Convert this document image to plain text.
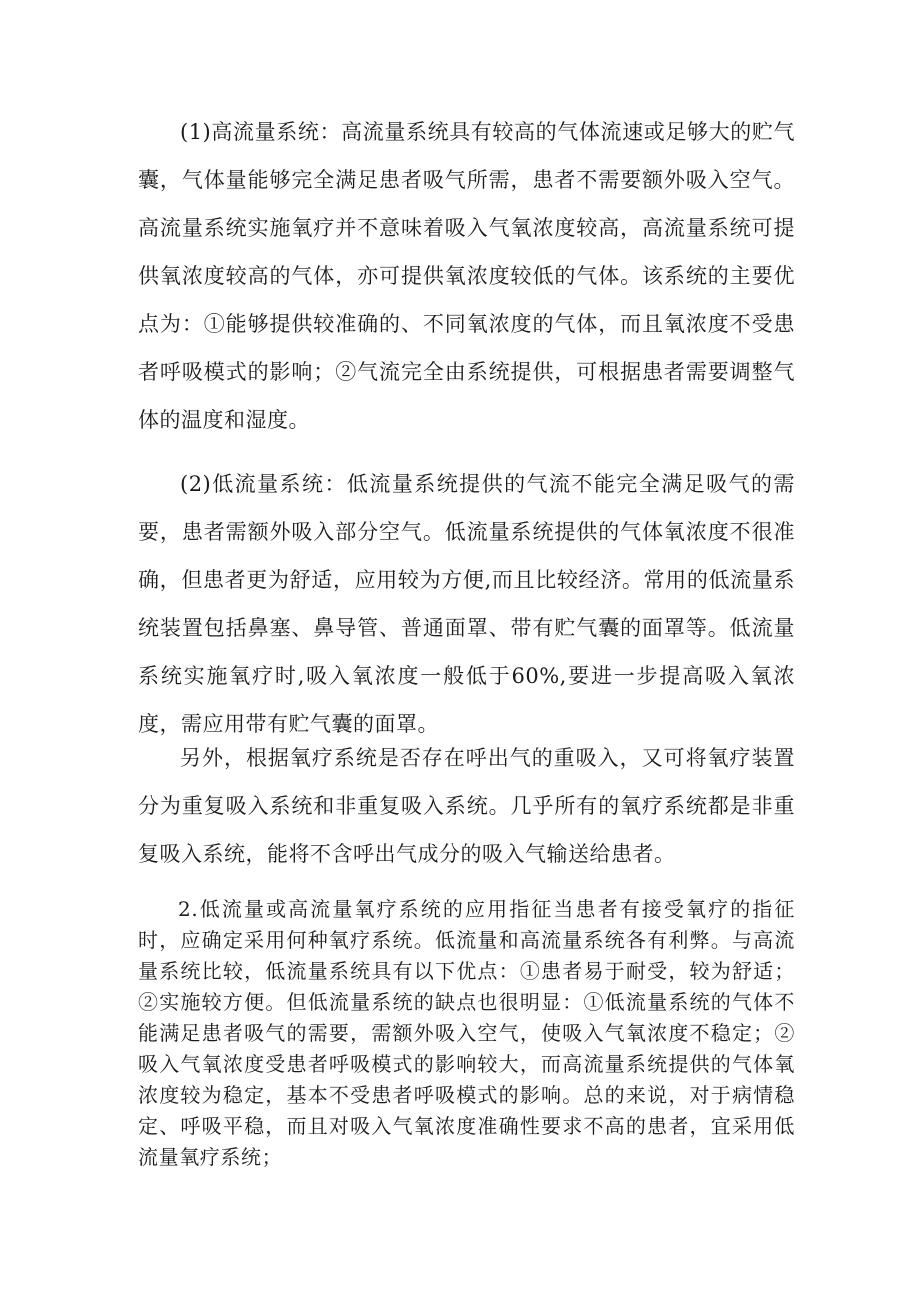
(1)高流量系统：高流量系统具有较高的气体流速或足够大的贮气囊，气体量能够完全满足患者吸气所需，患者不需要额外吸入空气。高流量系统实施氧疗并不意味着吸入气氧浓度较高，高流量系统可提供氧浓度较高的气体，亦可提供氧浓度较低的气体。该系统的主要优点为：①能够提供较准确的、不同氧浓度的气体，而且氧浓度不受患者呼吸模式的影响；②气流完全由系统提供，可根据患者需要调整气体的温度和湿度。

(2)低流量系统：低流量系统提供的气流不能完全满足吸气的需要，患者需额外吸入部分空气。低流量系统提供的气体氧浓度不很准确，但患者更为舒适，应用较为方便,而且比较经济。常用的低流量系统装置包括鼻塞、鼻导管、普通面罩、带有贮气囊的面罩等。低流量系统实施氧疗时,吸入氧浓度一般低于60%,要进一步提高吸入氧浓度，需应用带有贮气囊的面罩。

另外，根据氧疗系统是否存在呼出气的重吸入，又可将氧疗装置分为重复吸入系统和非重复吸入系统。几乎所有的氧疗系统都是非重复吸入系统，能将不含呼出气成分的吸入气输送给患者。

2.低流量或高流量氧疗系统的应用指征当患者有接受氧疗的指征时，应确定采用何种氧疗系统。低流量和高流量系统各有利弊。与高流量系统比较，低流量系统具有以下优点：①患者易于耐受，较为舒适；②实施较方便。但低流量系统的缺点也很明显：①低流量系统的气体不能满足患者吸气的需要，需额外吸入空气，使吸入气氧浓度不稳定；②吸入气氧浓度受患者呼吸模式的影响较大，而高流量系统提供的气体氧浓度较为稳定，基本不受患者呼吸模式的影响。总的来说，对于病情稳定、呼吸平稳，而且对吸入气氧浓度准确性要求不高的患者，宜采用低流量氧疗系统；
